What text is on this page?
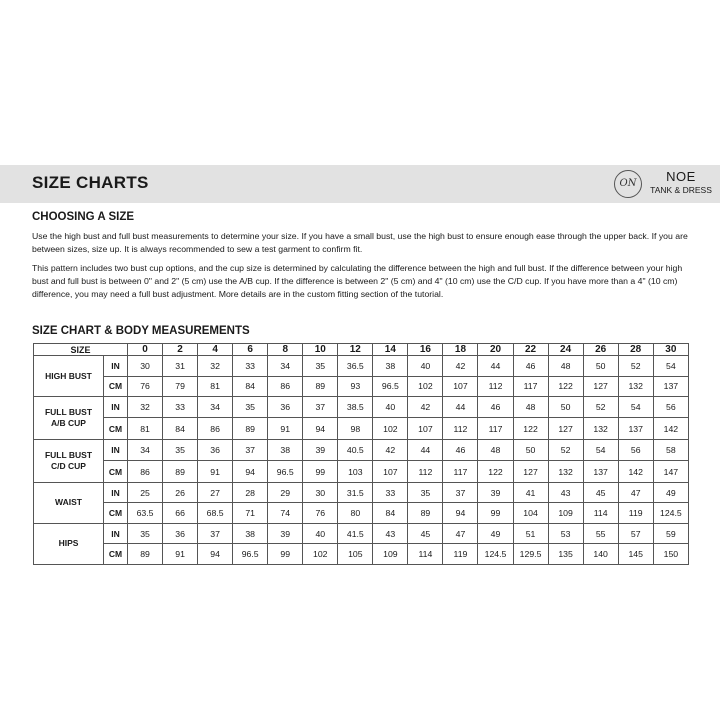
SIZE CHARTS	ON	NOE
TANK & DRESS
CHOOSING A SIZE

Use the high bust and full bust measurements to determine your size. If you have a small bust, use the high bust to ensure enough ease through the upper back. If you are between sizes, size up. It is always recommended to sew a test garment to confirm fit.

This pattern includes two bust cup options, and the cup size is determined by calculating the difference between the high and full bust. If the difference between your high bust and full bust is between 0" and 2" (5 cm) use the A/B cup. If the difference is between 2" (5 cm) and 4" (10 cm) use the C/D cup. If you have more than a 4" (10 cm) difference, you may need a full bust adjustment. More details are in the custom fitting section of the tutorial.

SIZE CHART & BODY MEASUREMENTS
SIZE		0	2	4	6	8	10	12	14	16	18	20	22	24	26	28	30
HIGH BUST	IN	30	31	32	33	34	35	36.5	38	40	42	44	46	48	50	52	54
	CM	76	79	81	84	86	89	93	96.5	102	107	112	117	122	127	132	137
FULL BUST
A/B CUP	IN	32	33	34	35	36	37	38.5	40	42	44	46	48	50	52	54	56
	CM	81	84	86	89	91	94	98	102	107	112	117	122	127	132	137	142
FULL BUST
C/D CUP	IN	34	35	36	37	38	39	40.5	42	44	46	48	50	52	54	56	58
	CM	86	89	91	94	96.5	99	103	107	112	117	122	127	132	137	142	147
WAIST	IN	25	26	27	28	29	30	31.5	33	35	37	39	41	43	45	47	49
	CM	63.5	66	68.5	71	74	76	80	84	89	94	99	104	109	114	119	124.5
HIPS	IN	35	36	37	38	39	40	41.5	43	45	47	49	51	53	55	57	59
	CM	89	91	94	96.5	99	102	105	109	114	119	124.5	129.5	135	140	145	150
